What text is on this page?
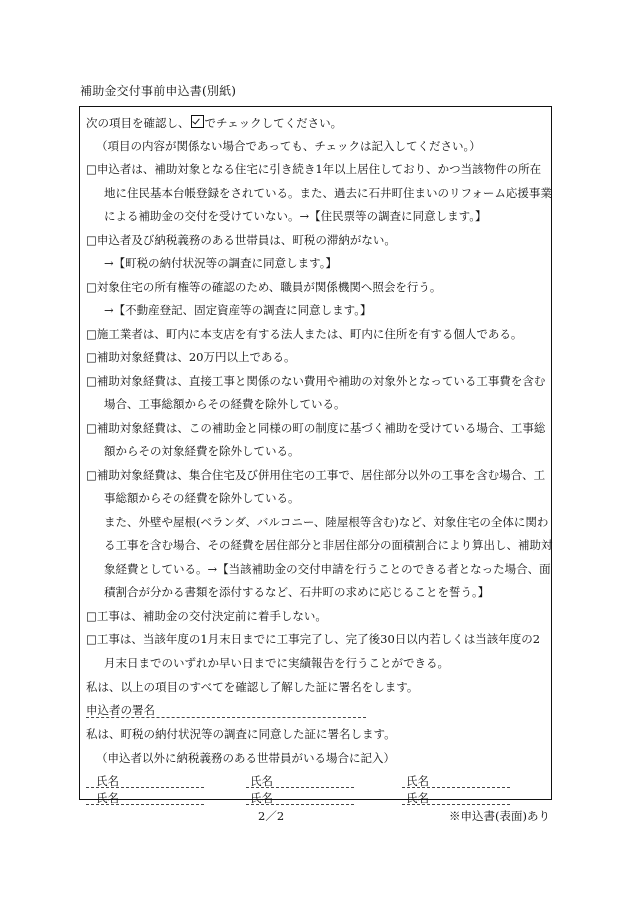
補助金交付事前申込書(別紙)
次の項目を確認し、 でチェックしてください。
（項目の内容が関係ない場合であっても、チェックは記入してください。）
□申込者は、補助対象となる住宅に引き続き1年以上居住しており、かつ当該物件の所在
地に住民基本台帳登録をされている。また、過去に石井町住まいのリフォーム応援事業
による補助金の交付を受けていない。→【住民票等の調査に同意します。】
□申込者及び納税義務のある世帯員は、町税の滞納がない。
→【町税の納付状況等の調査に同意します。】
□対象住宅の所有権等の確認のため、職員が関係機関へ照会を行う。
→【不動産登記、固定資産等の調査に同意します。】
□施工業者は、町内に本支店を有する法人または、町内に住所を有する個人である。
□補助対象経費は、20万円以上である。
□補助対象経費は、直接工事と関係のない費用や補助の対象外となっている工事費を含む
場合、工事総額からその経費を除外している。
□補助対象経費は、この補助金と同様の町の制度に基づく補助を受けている場合、工事総
額からその対象経費を除外している。
□補助対象経費は、集合住宅及び併用住宅の工事で、居住部分以外の工事を含む場合、工
事総額からその経費を除外している。
また、外壁や屋根(ベランダ、バルコニー、陸屋根等含む)など、対象住宅の全体に関わ
る工事を含む場合、その経費を居住部分と非居住部分の面積割合により算出し、補助対
象経費としている。→【当該補助金の交付申請を行うことのできる者となった場合、面
積割合が分かる書類を添付するなど、石井町の求めに応じることを誓う。】
□工事は、補助金の交付決定前に着手しない。
□工事は、当該年度の1月末日までに工事完了し、完了後30日以内若しくは当該年度の2
月末日までのいずれか早い日までに実績報告を行うことができる。
私は、以上の項目のすべてを確認し了解した証に署名をします。
申込者の署名
私は、町税の納付状況等の調査に同意した証に署名します。
（申込者以外に納税義務のある世帯員がいる場合に記入）
氏名	氏名	氏名
氏名	氏名	氏名
2／2	※申込書(表面)あり
